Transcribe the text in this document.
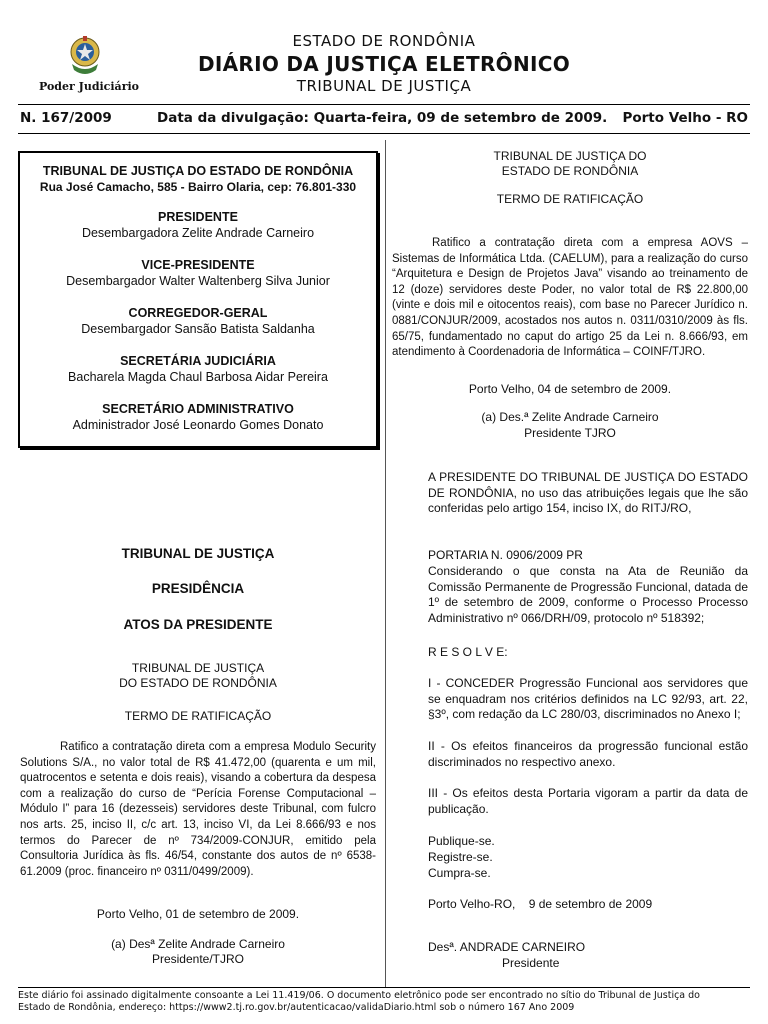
Poder Judiciário
ESTADO DE RONDÔNIA
DIÁRIO DA JUSTIÇA ELETRÔNICO
TRIBUNAL DE JUSTIÇA
N. 167/2009	Data da divulgação: Quarta-feira, 09 de setembro de 2009. Porto Velho - RO
TRIBUNAL DE JUSTIÇA DO ESTADO DE RONDÔNIA
Rua José Camacho, 585 - Bairro Olaria, cep: 76.801-330
PRESIDENTE
Desembargadora Zelite Andrade Carneiro
VICE-PRESIDENTE
Desembargador Walter Waltenberg Silva Junior
CORREGEDOR-GERAL
Desembargador Sansão Batista Saldanha
SECRETÁRIA JUDICIÁRIA
Bacharela Magda Chaul Barbosa Aidar Pereira
SECRETÁRIO ADMINISTRATIVO
Administrador José Leonardo Gomes Donato
TRIBUNAL DE JUSTIÇA
PRESIDÊNCIA
ATOS DA PRESIDENTE
TRIBUNAL DE JUSTIÇA
DO ESTADO DE RONDÔNIA
TERMO DE RATIFICAÇÃO
Ratifico a contratação direta com a empresa Modulo Security Solutions S/A., no valor total de R$ 41.472,00 (quarenta e um mil, quatrocentos e setenta e dois reais), visando a cobertura da despesa com a realização do curso de “Perícia Forense Computacional – Módulo I” para 16 (dezesseis) servidores deste Tribunal, com fulcro nos arts. 25, inciso II, c/c art. 13, inciso VI, da Lei 8.666/93 e nos termos do Parecer de nº 734/2009-CONJUR, emitido pela Consultoria Jurídica às fls. 46/54, constante dos autos de nº 6538-61.2009 (proc. financeiro nº 0311/0499/2009).
Porto Velho, 01 de setembro de 2009.
(a) Desª Zelite Andrade Carneiro
Presidente/TJRO
TRIBUNAL DE JUSTIÇA DO
ESTADO DE RONDÔNIA
TERMO DE RATIFICAÇÃO
Ratifico a contratação direta com a empresa AOVS – Sistemas de Informática Ltda. (CAELUM), para a realização do curso “Arquitetura e Design de Projetos Java” visando ao treinamento de 12 (doze) servidores deste Poder, no valor total de R$ 22.800,00 (vinte e dois mil e oitocentos reais), com base no Parecer Jurídico n. 0881/CONJUR/2009, acostados nos autos n. 0311/0310/2009 às fls. 65/75, fundamentado no caput do artigo 25 da Lei n. 8.666/93, em atendimento à Coordenadoria de Informática – COINF/TJRO.
Porto Velho, 04 de setembro de 2009.
(a) Des.ª Zelite Andrade Carneiro
Presidente TJRO
A PRESIDENTE DO TRIBUNAL DE JUSTIÇA DO ESTADO DE RONDÔNIA, no uso das atribuições legais que lhe são conferidas pelo artigo 154, inciso IX, do RITJ/RO,
PORTARIA N. 0906/2009 PR
Considerando o que consta na Ata de Reunião da Comissão Permanente de Progressão Funcional, datada de 1º de setembro de 2009, conforme o Processo Processo Administrativo nº 066/DRH/09, protocolo nº 518392;
R E S O L V E:
I - CONCEDER Progressão Funcional aos servidores que se enquadram nos critérios definidos na LC 92/93, art. 22, §3º, com redação da LC 280/03, discriminados no Anexo I;
II - Os efeitos financeiros da progressão funcional estão discriminados no respectivo anexo.
III - Os efeitos desta Portaria vigoram a partir da data de publicação.
Publique-se.
Registre-se.
Cumpra-se.
Porto Velho-RO,    9 de setembro de 2009
Desª. ANDRADE CARNEIRO
Presidente
Este diário foi assinado digitalmente consoante a Lei 11.419/06. O documento eletrônico pode ser encontrado no sítio do Tribunal de Justiça do
Estado de Rondônia, endereço: https://www2.tj.ro.gov.br/autenticacao/validaDiario.html sob o número 167 Ano 2009
